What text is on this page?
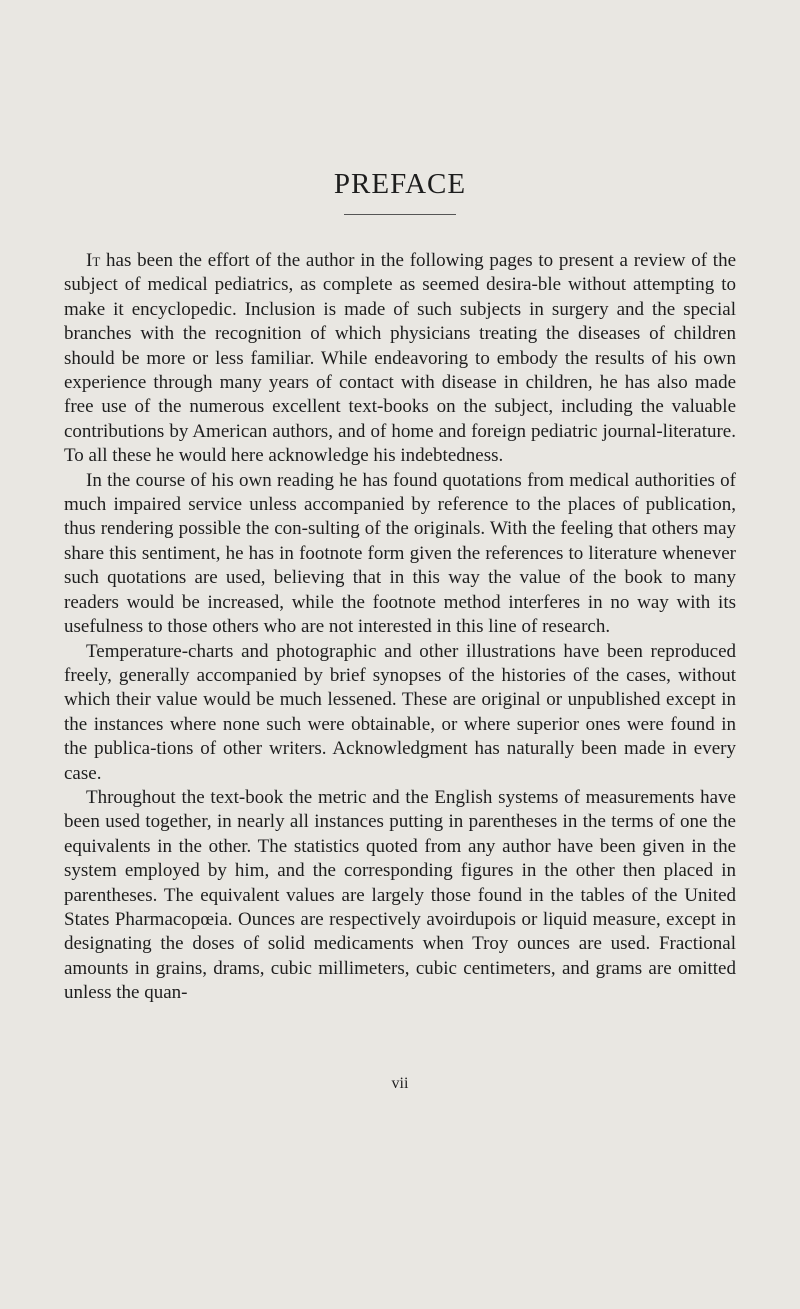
PREFACE

It has been the effort of the author in the following pages to present a review of the subject of medical pediatrics, as complete as seemed desira-ble without attempting to make it encyclopedic. Inclusion is made of such subjects in surgery and the special branches with the recognition of which physicians treating the diseases of children should be more or less familiar. While endeavoring to embody the results of his own experience through many years of contact with disease in children, he has also made free use of the numerous excellent text-books on the subject, including the valuable contributions by American authors, and of home and foreign pediatric journal-literature. To all these he would here acknowledge his indebtedness.

In the course of his own reading he has found quotations from medical authorities of much impaired service unless accompanied by reference to the places of publication, thus rendering possible the con-sulting of the originals. With the feeling that others may share this sentiment, he has in footnote form given the references to literature whenever such quotations are used, believing that in this way the value of the book to many readers would be increased, while the footnote method interferes in no way with its usefulness to those others who are not interested in this line of research.

Temperature-charts and photographic and other illustrations have been reproduced freely, generally accompanied by brief synopses of the histories of the cases, without which their value would be much lessened. These are original or unpublished except in the instances where none such were obtainable, or where superior ones were found in the publica-tions of other writers. Acknowledgment has naturally been made in every case.

Throughout the text-book the metric and the English systems of measurements have been used together, in nearly all instances putting in parentheses in the terms of one the equivalents in the other. The statistics quoted from any author have been given in the system employed by him, and the corresponding figures in the other then placed in parentheses. The equivalent values are largely those found in the tables of the United States Pharmacopœia. Ounces are respectively avoirdupois or liquid measure, except in designating the doses of solid medicaments when Troy ounces are used. Fractional amounts in grains, drams, cubic millimeters, cubic centimeters, and grams are omitted unless the quan-

vii
